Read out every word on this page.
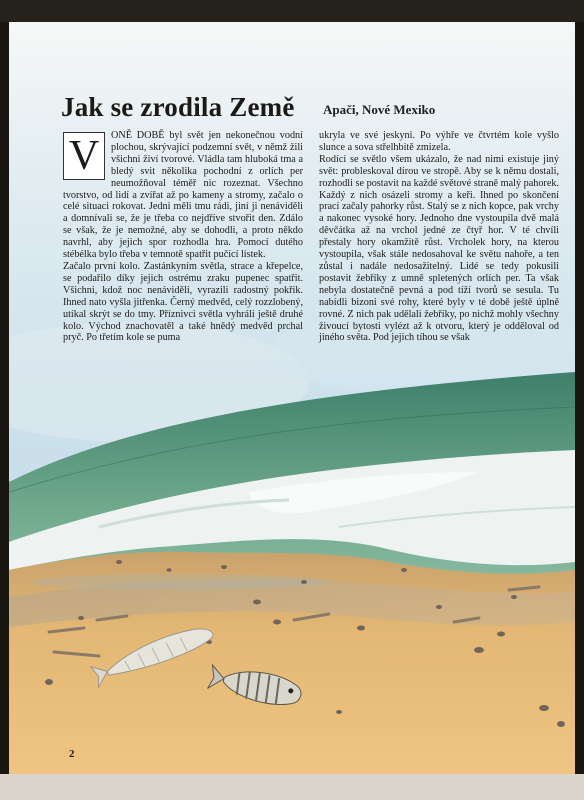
Jak se zrodila Země Apači, Nové Mexiko
V	ONĚ DOBĚ byl svět jen nekonečnou vodní plochou, skrývající podzemní svět, v němž žili všichni živí tvorové. Vládla tam hluboká tma a bledý svit několika pochodní z orlích per neumožňoval téměř nic rozeznat. Všechno tvorstvo, od lidí a zvířat až po kameny a stromy, začalo o celé situaci rokovat. Jedni měli tmu rádi, jiní ji nenáviděli a domnívali se, že je třeba co nejdříve stvořit den. Zdálo se však, že je nemožné, aby se dohodli, a proto někdo navrhl, aby jejich spor rozhodla hra. Pomocí dutého stébélka bylo třeba v temnotě spatřit pučící lístek.

Začalo první kolo. Zastánkyním světla, strace a křepelce, se podařilo díky jejich ostrému zraku pupenec spatřit. Všichni, kdož noc nenáviděli, vyrazili radostný pokřik. Ihned nato vyšla jitřenka. Černý medvěd, celý rozzlobený, utíkal skrýt se do tmy. Příznivci světla vyhráli ještě druhé kolo. Východ znachovatěl a také hnědý medvěd prchal pryč. Po třetím kole se puma

ukryla ve své jeskyni. Po výhře ve čtvrtém kole vyšlo slunce a sova střelhbitě zmizela.

Rodící se světlo všem ukázalo, že nad nimi existuje jiný svět: probleskoval dírou ve stropě. Aby se k němu dostali, rozhodli se postavit na každé světové straně malý pahorek. Každý z nich osázeli stromy a keři. Ihned po skončení prací začaly pahorky růst. Stalý se z nich kopce, pak vrchy a nakonec vysoké hory. Jednoho dne vystoupila dvě malá děvčátka až na vrchol jedné ze čtyř hor. V té chvíli přestaly hory okamžitě růst. Vrcholek hory, na kterou vystoupila, však stále nedosahoval ke světu nahoře, a ten zůstal i nadále nedosažitelný. Lidé se tedy pokusili postavit žebříky z umně spletených orlích per. Ta však nebyla dostatečně pevná a pod tíží tvorů se sesula. Tu nabídli bizoni své rohy, které byly v té době ještě úplně rovné. Z nich pak udělali žebříky, po nichž mohly všechny živoucí bytosti vylézt až k otvoru, který je odděloval od jiného světa. Pod jejich tíhou se však

2
